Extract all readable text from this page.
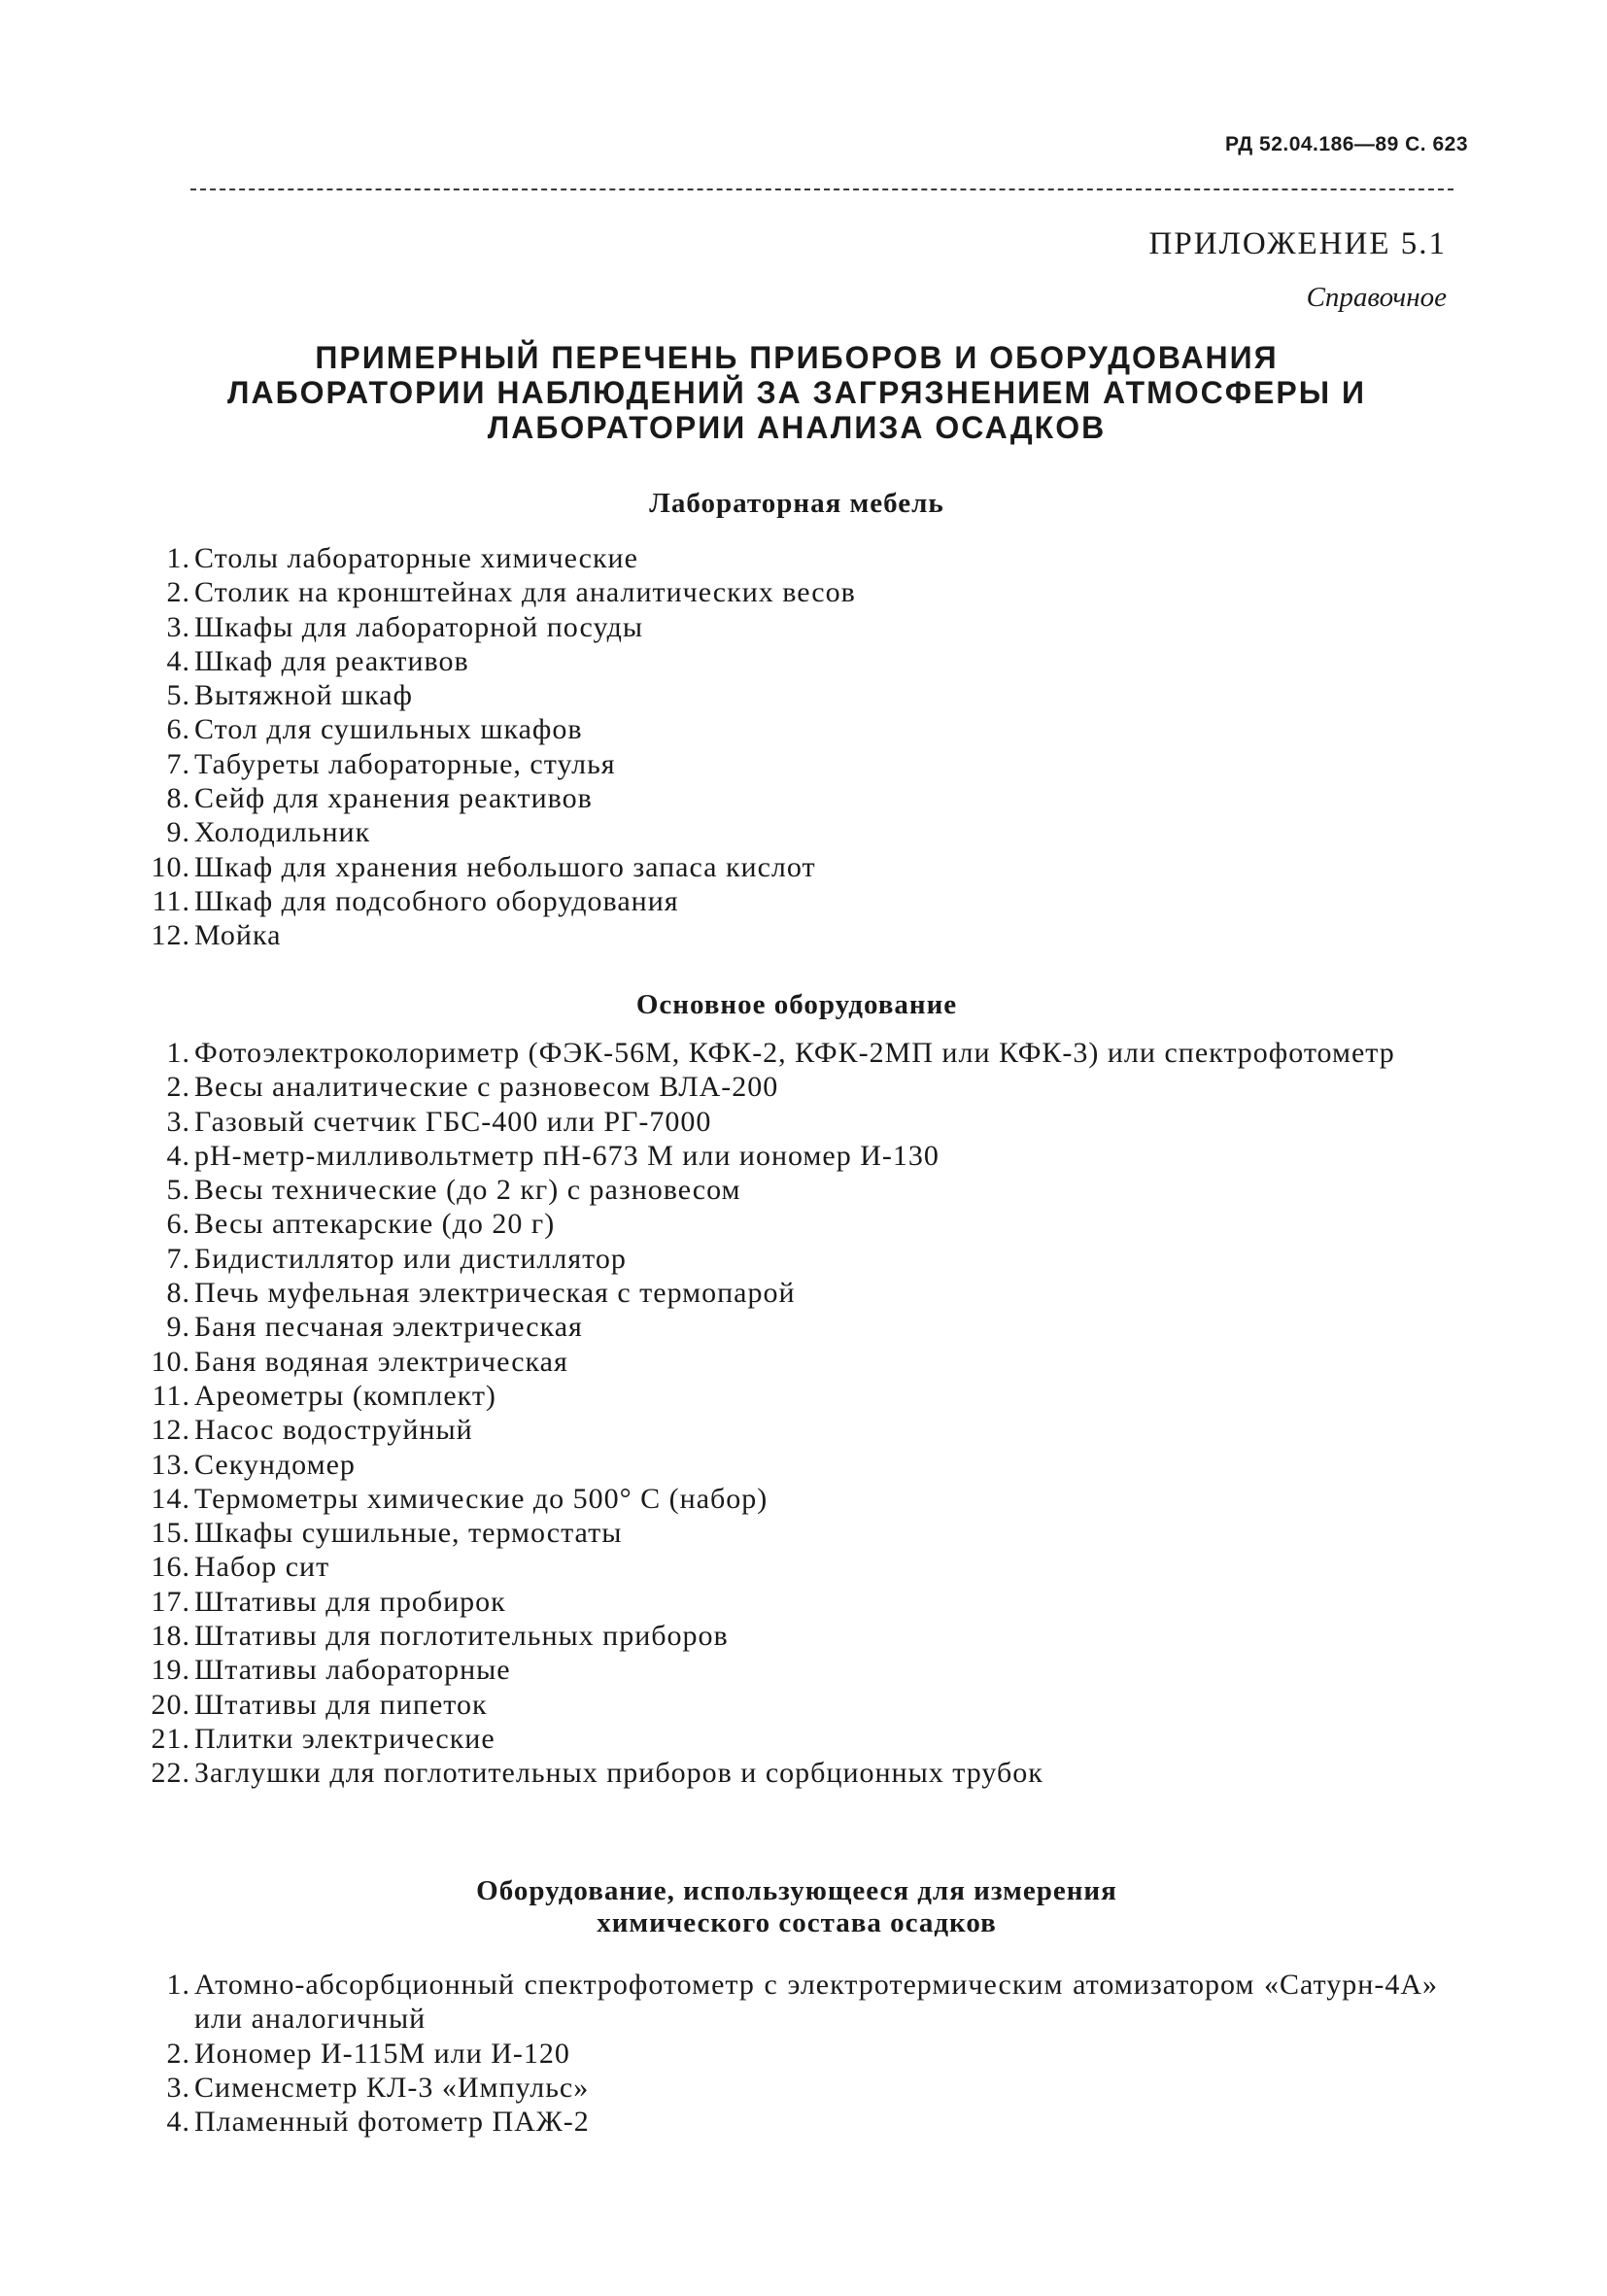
РД 52.04.186—89 С. 623
ПРИЛОЖЕНИЕ 5.1
Справочное
ПРИМЕРНЫЙ ПЕРЕЧЕНЬ ПРИБОРОВ И ОБОРУДОВАНИЯ
ЛАБОРАТОРИИ НАБЛЮДЕНИЙ ЗА ЗАГРЯЗНЕНИЕМ АТМОСФЕРЫ И
ЛАБОРАТОРИИ АНАЛИЗА ОСАДКОВ
Лабораторная мебель
1. Столы лабораторные химические
2. Столик на кронштейнах для аналитических весов
3. Шкафы для лабораторной посуды
4. Шкаф для реактивов
5. Вытяжной шкаф
6. Стол для сушильных шкафов
7. Табуреты лабораторные, стулья
8. Сейф для хранения реактивов
9. Холодильник
10. Шкаф для хранения небольшого запаса кислот
11. Шкаф для подсобного оборудования
12. Мойка
Основное оборудование
1. Фотоэлектроколориметр (ФЭК-56М, КФК-2, КФК-2МП или КФК-3) или спектрофотометр
2. Весы аналитические с разновесом ВЛА-200
3. Газовый счетчик ГБС-400 или РГ-7000
4. рН-метр-милливольтметр пН-673 М или иономер И-130
5. Весы технические (до 2 кг) с разновесом
6. Весы аптекарские (до 20 г)
7. Бидистиллятор или дистиллятор
8. Печь муфельная электрическая с термопарой
9. Баня песчаная электрическая
10. Баня водяная электрическая
11. Ареометры (комплект)
12. Насос водоструйный
13. Секундомер
14. Термометры химические до 500° С (набор)
15. Шкафы сушильные, термостаты
16. Набор сит
17. Штативы для пробирок
18. Штативы для поглотительных приборов
19. Штативы лабораторные
20. Штативы для пипеток
21. Плитки электрические
22. Заглушки для поглотительных приборов и сорбционных трубок
Оборудование, использующееся для измерения
химического состава осадков
1. Атомно-абсорбционный спектрофотометр с электротермическим атомизатором «Сатурн-4А» или аналогичный
2. Иономер И-115М или И-120
3. Сименсметр КЛ-3 «Импульс»
4. Пламенный фотометр ПАЖ-2
